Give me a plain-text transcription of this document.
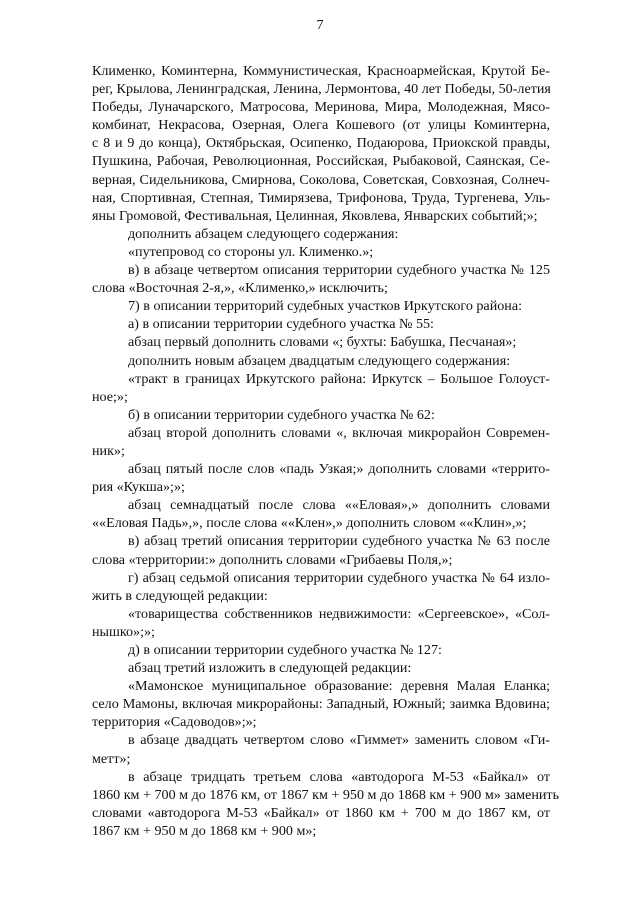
7
Клименко, Коминтерна, Коммунистическая, Красноармейская, Крутой Бе-
рег, Крылова, Ленинградская, Ленина, Лермонтова, 40 лет Победы, 50-летия
Победы, Луначарского, Матросова, Меринова, Мира, Молодежная, Мясо-
комбинат, Некрасова, Озерная, Олега Кошевого (от улицы Коминтерна,
с 8 и 9 до конца), Октябрьская, Осипенко, Подаюрова, Приокской правды,
Пушкина, Рабочая, Революционная, Российская, Рыбаковой, Саянская, Се-
верная, Сидельникова, Смирнова, Соколова, Советская, Совхозная, Солнеч-
ная, Спортивная, Степная, Тимирязева, Трифонова, Труда, Тургенева, Уль-
яны Громовой, Фестивальная, Целинная, Яковлева, Январских событий;»;
дополнить абзацем следующего содержания:
«путепровод со стороны ул. Клименко.»;
в) в абзаце четвертом описания территории судебного участка № 125
слова «Восточная 2-я,», «Клименко,» исключить;
7) в описании территорий судебных участков Иркутского района:
а) в описании территории судебного участка № 55:
абзац первый дополнить словами «; бухты: Бабушка, Песчаная»;
дополнить новым абзацем двадцатым следующего содержания:
«тракт в границах Иркутского района: Иркутск – Большое Голоуст-
ное;»;
б) в описании территории судебного участка № 62:
абзац второй дополнить словами «, включая микрорайон Современ-
ник»;
абзац пятый после слов «падь Узкая;» дополнить словами «террито-
рия «Кукша»;»;
абзац семнадцатый после слова ««Еловая»,» дополнить словами
««Еловая Падь»,», после слова ««Клен»,» дополнить словом ««Клин»,»;
в) абзац третий описания территории судебного участка № 63 после
слова «территории:» дополнить словами «Грибаевы Поля,»;
г) абзац седьмой описания территории судебного участка № 64 изло-
жить в следующей редакции:
«товарищества собственников недвижимости: «Сергеевское», «Сол-
нышко»;»;
д) в описании территории судебного участка № 127:
абзац третий изложить в следующей редакции:
«Мамонское муниципальное образование: деревня Малая Еланка;
село Мамоны, включая микрорайоны: Западный, Южный; заимка Вдовина;
территория «Садоводов»;»;
в абзаце двадцать четвертом слово «Гиммет» заменить словом «Ги-
метт»;
в абзаце тридцать третьем слова «автодорога М-53 «Байкал» от
1860 км + 700 м до 1876 км, от 1867 км + 950 м до 1868 км + 900 м» заменить
словами «автодорога М-53 «Байкал» от 1860 км + 700 м до 1867 км, от
1867 км + 950 м до 1868 км + 900 м»;
